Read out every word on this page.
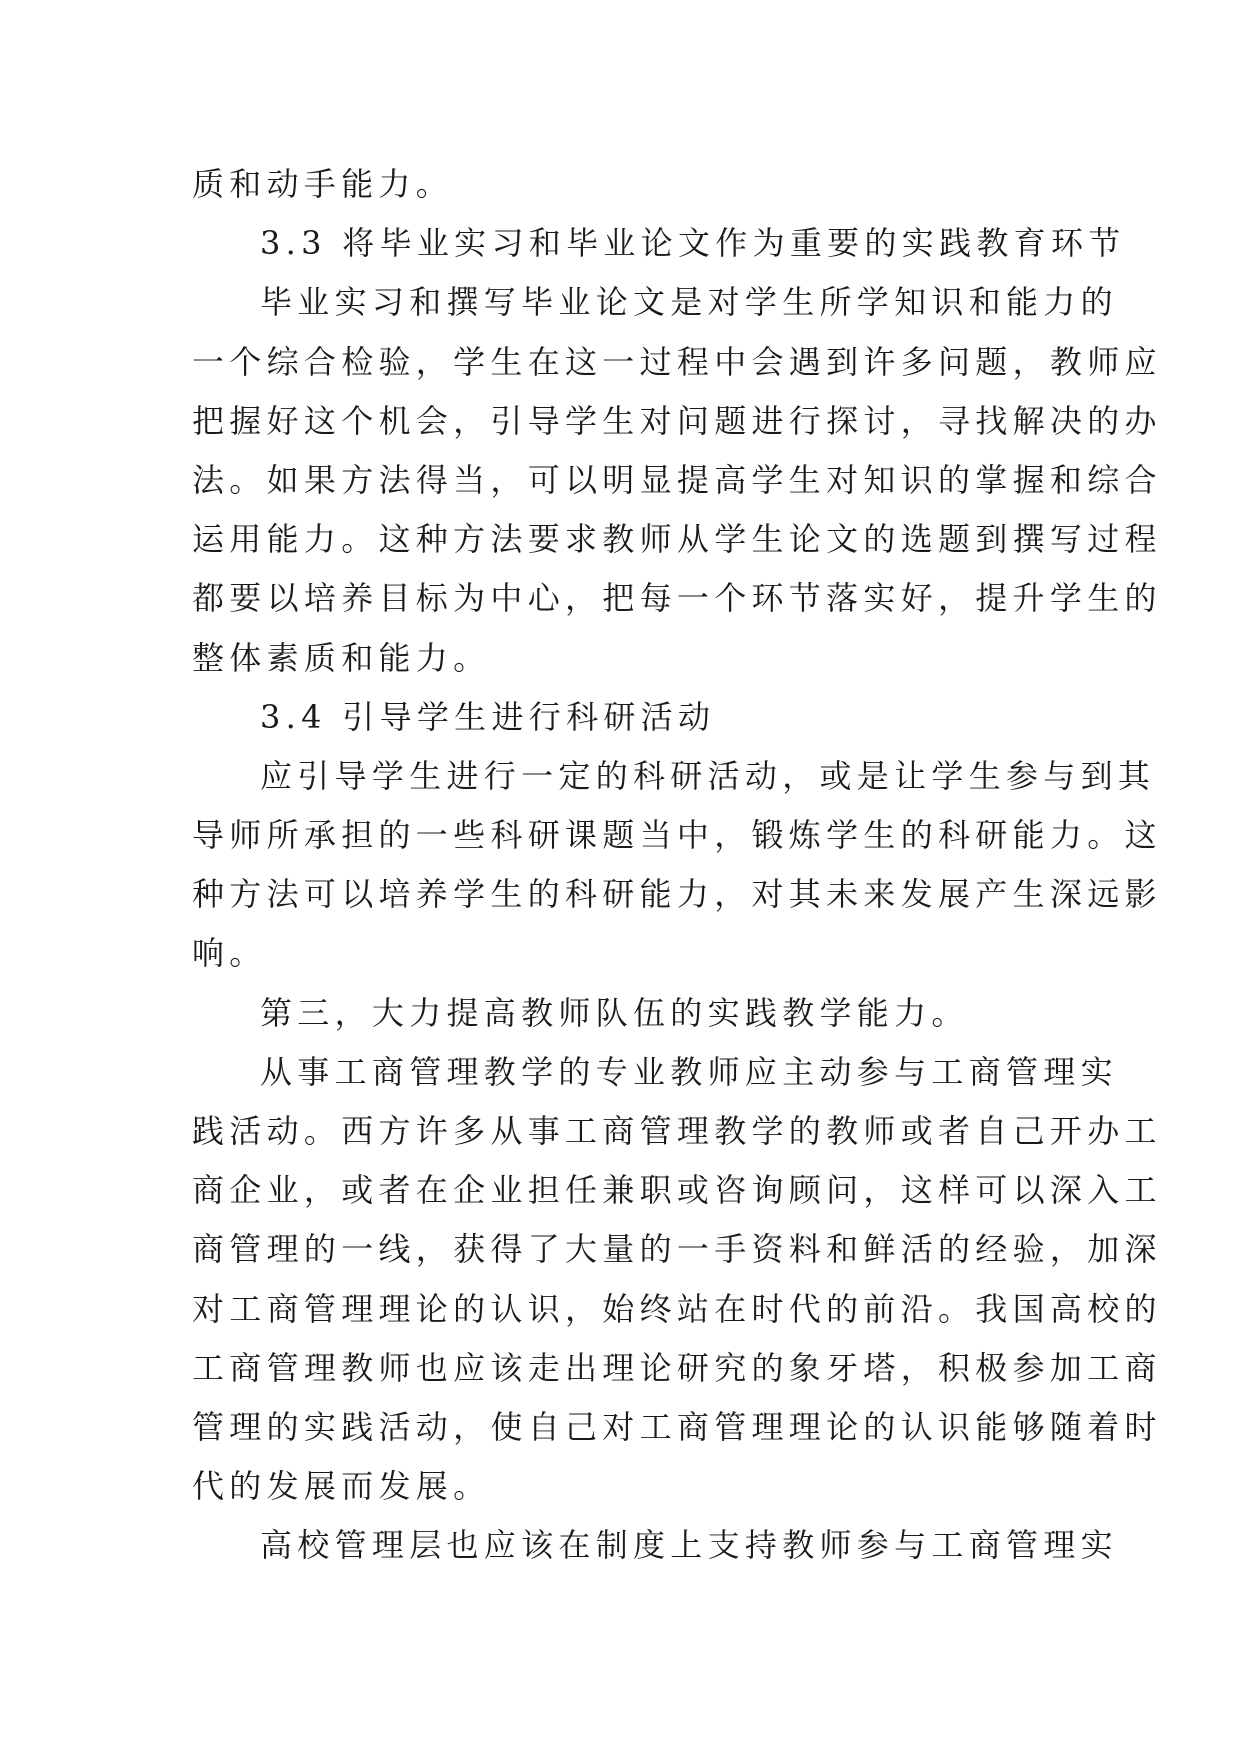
质和动手能力。
3.3 将毕业实习和毕业论文作为重要的实践教育环节
毕业实习和撰写毕业论文是对学生所学知识和能力的
一个综合检验，学生在这一过程中会遇到许多问题，教师应
把握好这个机会，引导学生对问题进行探讨，寻找解决的办
法。如果方法得当，可以明显提高学生对知识的掌握和综合
运用能力。这种方法要求教师从学生论文的选题到撰写过程
都要以培养目标为中心，把每一个环节落实好，提升学生的
整体素质和能力。
3.4 引导学生进行科研活动
应引导学生进行一定的科研活动，或是让学生参与到其
导师所承担的一些科研课题当中，锻炼学生的科研能力。这
种方法可以培养学生的科研能力，对其未来发展产生深远影
响。
第三，大力提高教师队伍的实践教学能力。
从事工商管理教学的专业教师应主动参与工商管理实
践活动。西方许多从事工商管理教学的教师或者自己开办工
商企业，或者在企业担任兼职或咨询顾问，这样可以深入工
商管理的一线，获得了大量的一手资料和鲜活的经验，加深
对工商管理理论的认识，始终站在时代的前沿。我国高校的
工商管理教师也应该走出理论研究的象牙塔，积极参加工商
管理的实践活动，使自己对工商管理理论的认识能够随着时
代的发展而发展。
高校管理层也应该在制度上支持教师参与工商管理实
